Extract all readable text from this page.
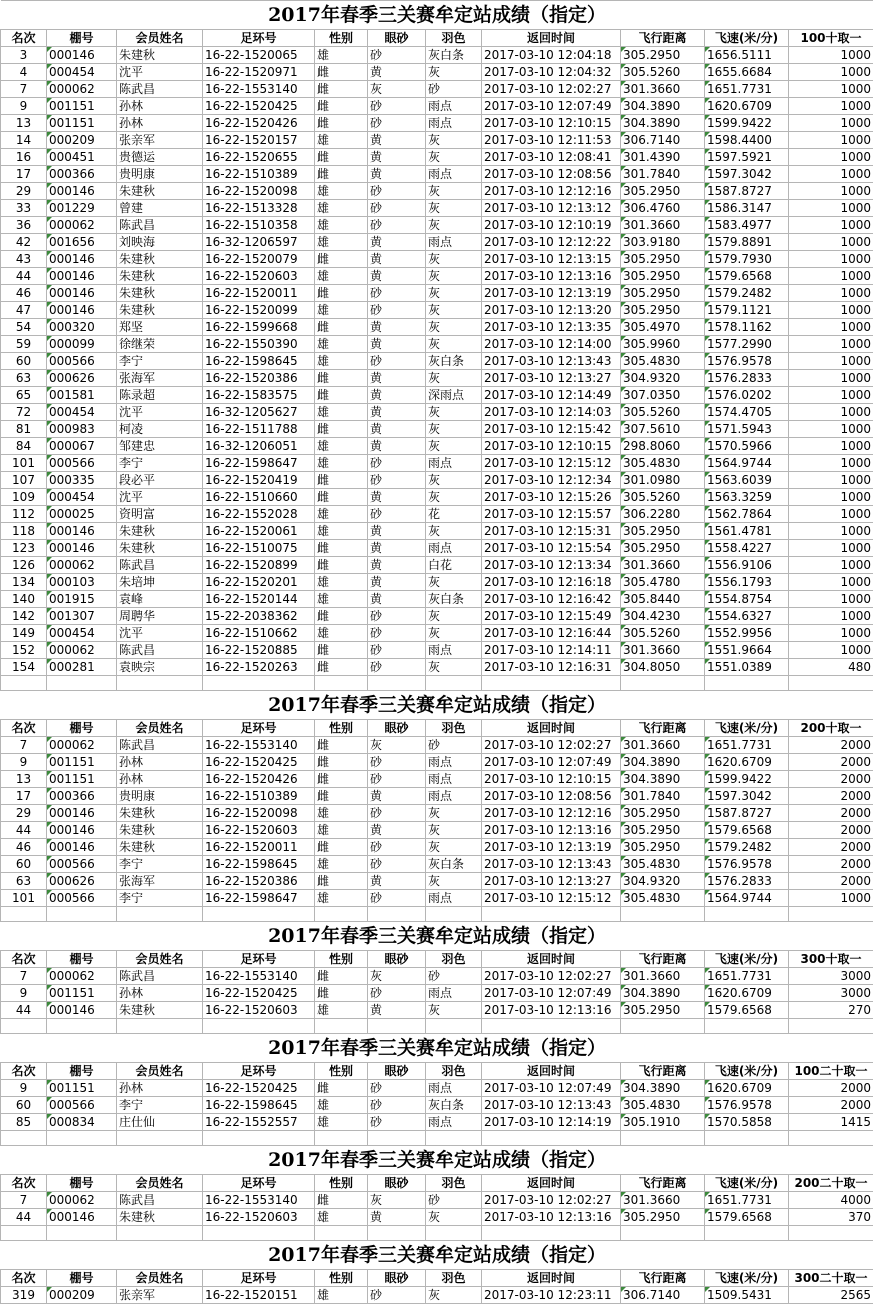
2017年春季三关赛牟定站成绩（指定）										
名次	棚号	会员姓名	足环号	性别	眼砂	羽色	返回时间	飞行距离	飞速(米/分)	100十取一
3	000146	朱建秋	16-22-1520065	雄	砂	灰白条	2017-03-10 12:04:18	305.2950	1656.5111	1000
4	000454	沈平	16-22-1520971	雌	黄	灰	2017-03-10 12:04:32	305.5260	1655.6684	1000
7	000062	陈武昌	16-22-1553140	雌	灰	砂	2017-03-10 12:02:27	301.3660	1651.7731	1000
9	001151	孙林	16-22-1520425	雌	砂	雨点	2017-03-10 12:07:49	304.3890	1620.6709	1000
13	001151	孙林	16-22-1520426	雌	砂	雨点	2017-03-10 12:10:15	304.3890	1599.9422	1000
14	000209	张亲军	16-22-1520157	雄	黄	灰	2017-03-10 12:11:53	306.7140	1598.4400	1000
16	000451	贵德运	16-22-1520655	雌	黄	灰	2017-03-10 12:08:41	301.4390	1597.5921	1000
17	000366	贵明康	16-22-1510389	雌	黄	雨点	2017-03-10 12:08:56	301.7840	1597.3042	1000
29	000146	朱建秋	16-22-1520098	雄	砂	灰	2017-03-10 12:12:16	305.2950	1587.8727	1000
33	001229	曾建	16-22-1513328	雄	砂	灰	2017-03-10 12:13:12	306.4760	1586.3147	1000
36	000062	陈武昌	16-22-1510358	雄	砂	灰	2017-03-10 12:10:19	301.3660	1583.4977	1000
42	001656	刘映海	16-32-1206597	雄	黄	雨点	2017-03-10 12:12:22	303.9180	1579.8891	1000
43	000146	朱建秋	16-22-1520079	雌	黄	灰	2017-03-10 12:13:15	305.2950	1579.7930	1000
44	000146	朱建秋	16-22-1520603	雄	黄	灰	2017-03-10 12:13:16	305.2950	1579.6568	1000
46	000146	朱建秋	16-22-1520011	雌	砂	灰	2017-03-10 12:13:19	305.2950	1579.2482	1000
47	000146	朱建秋	16-22-1520099	雄	砂	灰	2017-03-10 12:13:20	305.2950	1579.1121	1000
54	000320	郑坚	16-22-1599668	雌	黄	灰	2017-03-10 12:13:35	305.4970	1578.1162	1000
59	000099	徐继荣	16-22-1550390	雄	黄	灰	2017-03-10 12:14:00	305.9960	1577.2990	1000
60	000566	李宁	16-22-1598645	雄	砂	灰白条	2017-03-10 12:13:43	305.4830	1576.9578	1000
63	000626	张海军	16-22-1520386	雌	黄	灰	2017-03-10 12:13:27	304.9320	1576.2833	1000
65	001581	陈录超	16-22-1583575	雌	黄	深雨点	2017-03-10 12:14:49	307.0350	1576.0202	1000
72	000454	沈平	16-32-1205627	雄	黄	灰	2017-03-10 12:14:03	305.5260	1574.4705	1000
81	000983	柯凌	16-22-1511788	雌	黄	灰	2017-03-10 12:15:42	307.5610	1571.5943	1000
84	000067	邹建忠	16-32-1206051	雄	黄	灰	2017-03-10 12:10:15	298.8060	1570.5966	1000
101	000566	李宁	16-22-1598647	雄	砂	雨点	2017-03-10 12:15:12	305.4830	1564.9744	1000
107	000335	段必平	16-22-1520419	雌	砂	灰	2017-03-10 12:12:34	301.0980	1563.6039	1000
109	000454	沈平	16-22-1510660	雌	黄	灰	2017-03-10 12:15:26	305.5260	1563.3259	1000
112	000025	资明富	16-22-1552028	雄	砂	花	2017-03-10 12:15:57	306.2280	1562.7864	1000
118	000146	朱建秋	16-22-1520061	雄	黄	灰	2017-03-10 12:15:31	305.2950	1561.4781	1000
123	000146	朱建秋	16-22-1510075	雌	黄	雨点	2017-03-10 12:15:54	305.2950	1558.4227	1000
126	000062	陈武昌	16-22-1520899	雌	黄	白花	2017-03-10 12:13:34	301.3660	1556.9106	1000
134	000103	朱培坤	16-22-1520201	雄	黄	灰	2017-03-10 12:16:18	305.4780	1556.1793	1000
140	001915	袁峰	16-22-1520144	雄	黄	灰白条	2017-03-10 12:16:42	305.8440	1554.8754	1000
142	001307	周聘华	15-22-2038362	雌	砂	灰	2017-03-10 12:15:49	304.4230	1554.6327	1000
149	000454	沈平	16-22-1510662	雄	砂	灰	2017-03-10 12:16:44	305.5260	1552.9956	1000
152	000062	陈武昌	16-22-1520885	雌	砂	雨点	2017-03-10 12:14:11	301.3660	1551.9664	1000
154	000281	袁映宗	16-22-1520263	雌	砂	灰	2017-03-10 12:16:31	304.8050	1551.0389	480

2017年春季三关赛牟定站成绩（指定）										
名次	棚号	会员姓名	足环号	性别	眼砂	羽色	返回时间	飞行距离	飞速(米/分)	200十取一
7	000062	陈武昌	16-22-1553140	雌	灰	砂	2017-03-10 12:02:27	301.3660	1651.7731	2000
9	001151	孙林	16-22-1520425	雌	砂	雨点	2017-03-10 12:07:49	304.3890	1620.6709	2000
13	001151	孙林	16-22-1520426	雌	砂	雨点	2017-03-10 12:10:15	304.3890	1599.9422	2000
17	000366	贵明康	16-22-1510389	雌	黄	雨点	2017-03-10 12:08:56	301.7840	1597.3042	2000
29	000146	朱建秋	16-22-1520098	雄	砂	灰	2017-03-10 12:12:16	305.2950	1587.8727	2000
44	000146	朱建秋	16-22-1520603	雄	黄	灰	2017-03-10 12:13:16	305.2950	1579.6568	2000
46	000146	朱建秋	16-22-1520011	雌	砂	灰	2017-03-10 12:13:19	305.2950	1579.2482	2000
60	000566	李宁	16-22-1598645	雄	砂	灰白条	2017-03-10 12:13:43	305.4830	1576.9578	2000
63	000626	张海军	16-22-1520386	雌	黄	灰	2017-03-10 12:13:27	304.9320	1576.2833	2000
101	000566	李宁	16-22-1598647	雄	砂	雨点	2017-03-10 12:15:12	305.4830	1564.9744	1000

2017年春季三关赛牟定站成绩（指定）										
名次	棚号	会员姓名	足环号	性别	眼砂	羽色	返回时间	飞行距离	飞速(米/分)	300十取一
7	000062	陈武昌	16-22-1553140	雌	灰	砂	2017-03-10 12:02:27	301.3660	1651.7731	3000
9	001151	孙林	16-22-1520425	雌	砂	雨点	2017-03-10 12:07:49	304.3890	1620.6709	3000
44	000146	朱建秋	16-22-1520603	雄	黄	灰	2017-03-10 12:13:16	305.2950	1579.6568	270

2017年春季三关赛牟定站成绩（指定）										
名次	棚号	会员姓名	足环号	性别	眼砂	羽色	返回时间	飞行距离	飞速(米/分)	100二十取一
9	001151	孙林	16-22-1520425	雌	砂	雨点	2017-03-10 12:07:49	304.3890	1620.6709	2000
60	000566	李宁	16-22-1598645	雄	砂	灰白条	2017-03-10 12:13:43	305.4830	1576.9578	2000
85	000834	庄仕仙	16-22-1552557	雄	砂	雨点	2017-03-10 12:14:19	305.1910	1570.5858	1415

2017年春季三关赛牟定站成绩（指定）										
名次	棚号	会员姓名	足环号	性别	眼砂	羽色	返回时间	飞行距离	飞速(米/分)	200二十取一
7	000062	陈武昌	16-22-1553140	雌	灰	砂	2017-03-10 12:02:27	301.3660	1651.7731	4000
44	000146	朱建秋	16-22-1520603	雄	黄	灰	2017-03-10 12:13:16	305.2950	1579.6568	370

2017年春季三关赛牟定站成绩（指定）										
名次	棚号	会员姓名	足环号	性别	眼砂	羽色	返回时间	飞行距离	飞速(米/分)	300二十取一
319	000209	张亲军	16-22-1520151	雄	砂	灰	2017-03-10 12:23:11	306.7140	1509.5431	2565
